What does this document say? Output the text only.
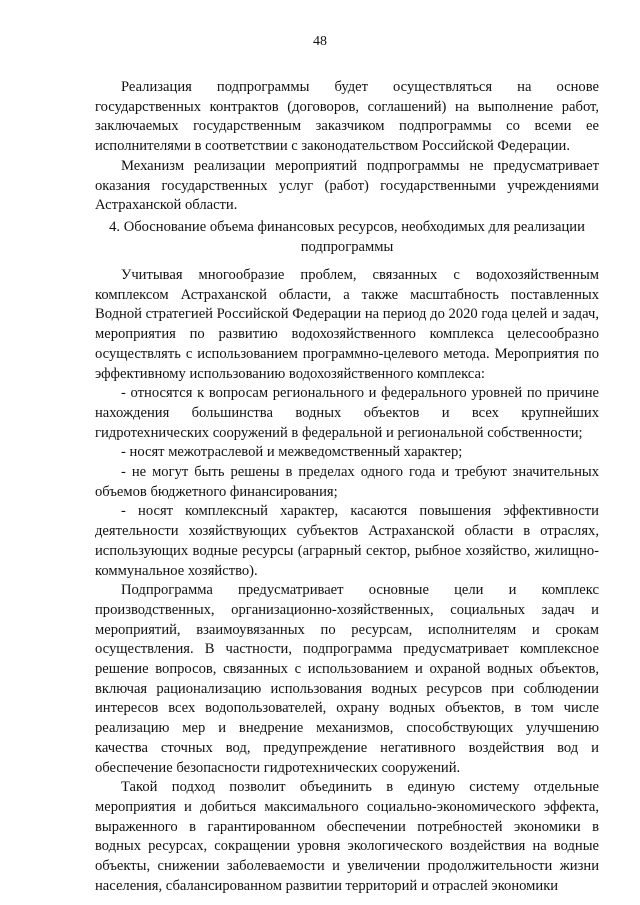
48

Реализация подпрограммы будет осуществляться на основе государственных контрактов (договоров, соглашений) на выполнение работ, заключаемых государственным заказчиком подпрограммы со всеми ее исполнителями в соответствии с законодательством Российской Федерации.

Механизм реализации мероприятий подпрограммы не предусматривает оказания государственных услуг (работ) государственными учреждениями Астраханской области.

4. Обоснование объема финансовых ресурсов, необходимых для реализации
подпрограммы

Учитывая многообразие проблем, связанных с водохозяйственным комплексом Астраханской области, а также масштабность поставленных Водной стратегией Российской Федерации на период до 2020 года целей и задач, мероприятия по развитию водохозяйственного комплекса целесообразно осуществлять с использованием программно-целевого метода. Мероприятия по эффективному использованию водохозяйственного комплекса:

- относятся к вопросам регионального и федерального уровней по причине нахождения большинства водных объектов и всех крупнейших гидротехнических сооружений в федеральной и региональной собственности;

- носят межотраслевой и межведомственный характер;

- не могут быть решены в пределах одного года и требуют значительных объемов бюджетного финансирования;

- носят комплексный характер, касаются повышения эффективности деятельности хозяйствующих субъектов Астраханской области в отраслях, использующих водные ресурсы (аграрный сектор, рыбное хозяйство, жилищно-коммунальное хозяйство).

Подпрограмма предусматривает основные цели и комплекс производственных, организационно-хозяйственных, социальных задач и мероприятий, взаимоувязанных по ресурсам, исполнителям и срокам осуществления. В частности, подпрограмма предусматривает комплексное решение вопросов, связанных с использованием и охраной водных объектов, включая рационализацию использования водных ресурсов при соблюдении интересов всех водопользователей, охрану водных объектов, в том числе реализацию мер и внедрение механизмов, способствующих улучшению качества сточных вод, предупреждение негативного воздействия вод и обеспечение безопасности гидротехнических сооружений.

Такой подход позволит объединить в единую систему отдельные мероприятия и добиться максимального социально-экономического эффекта, выраженного в гарантированном обеспечении потребностей экономики в водных ресурсах, сокращении уровня экологического воздействия на водные объекты, снижении заболеваемости и увеличении продолжительности жизни населения, сбалансированном развитии территорий и отраслей экономики
